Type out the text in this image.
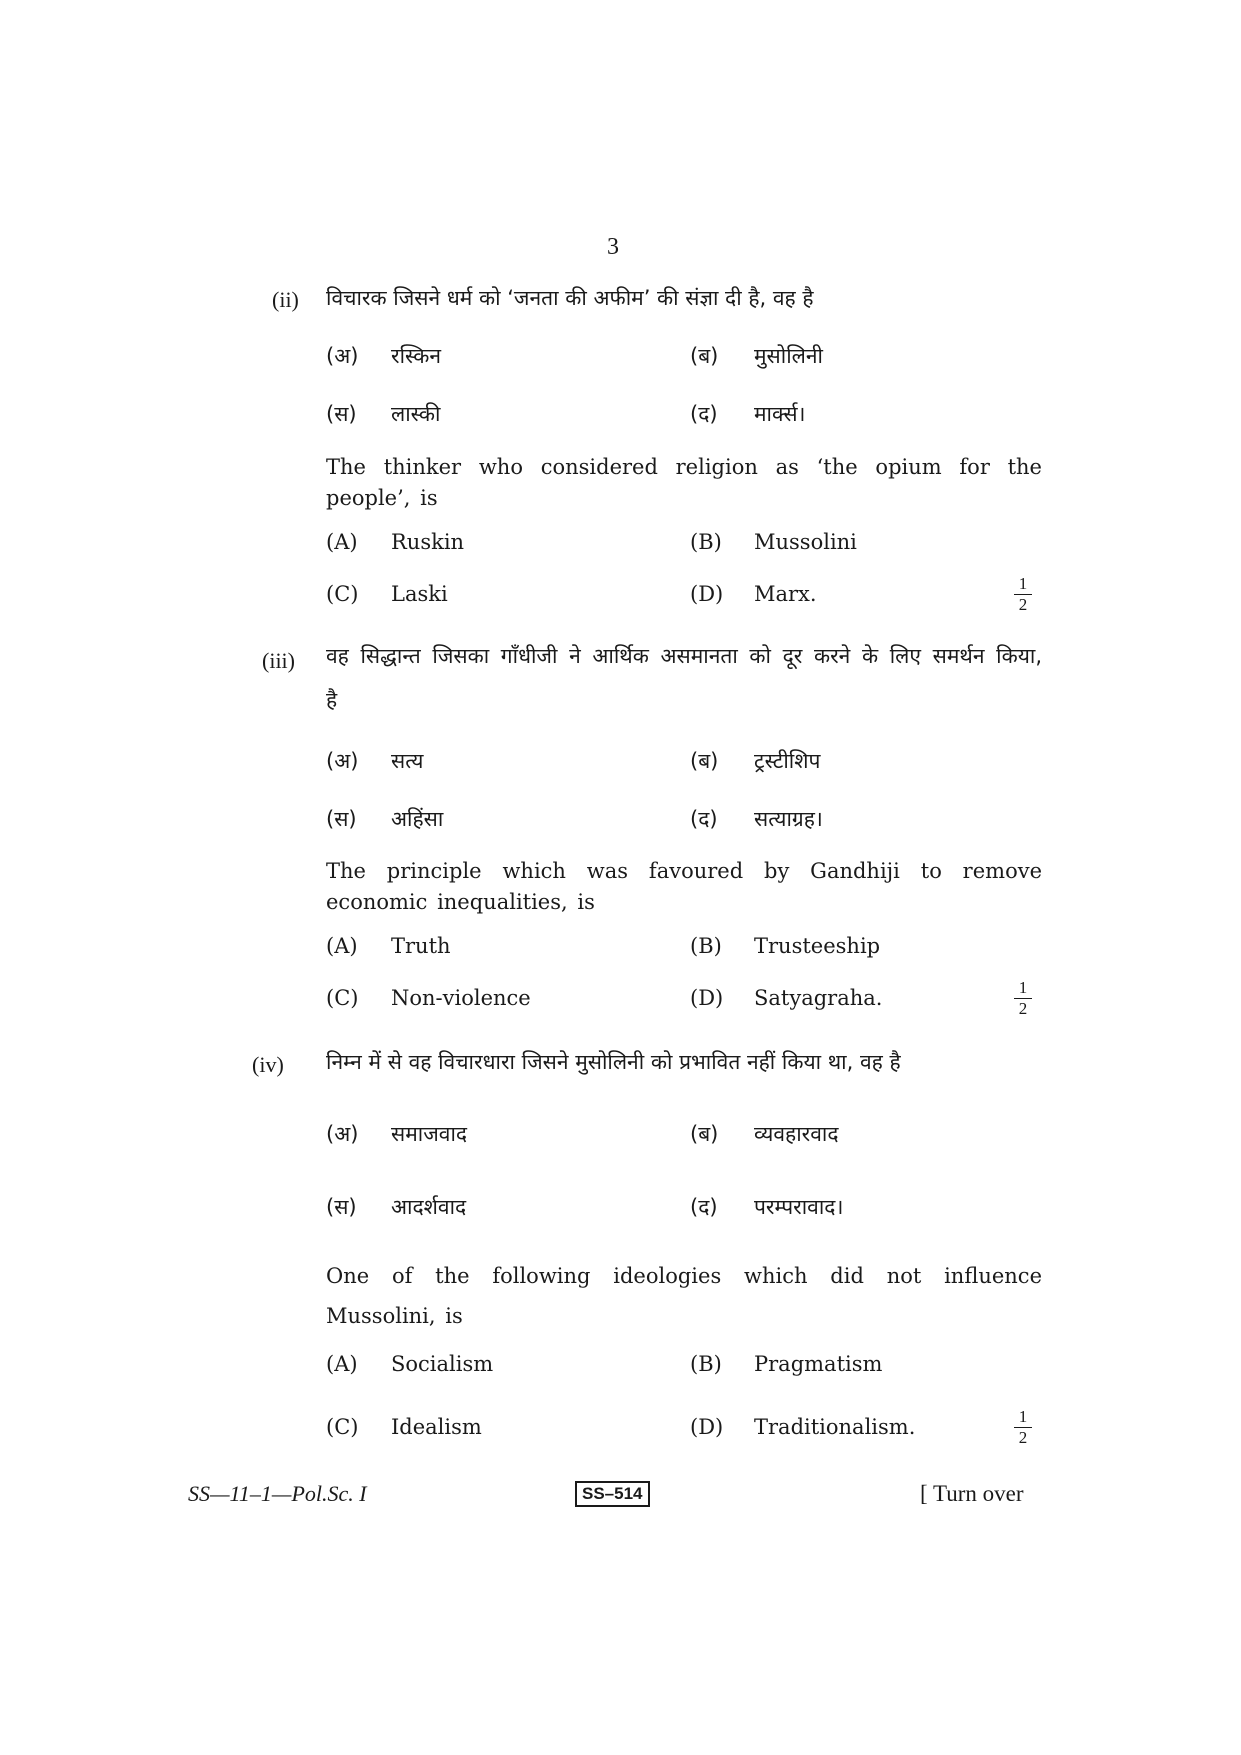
3
(ii) विचारक जिसने धर्म को ‘जनता की अफीम’ की संज्ञा दी है, वह है
(अ) रस्किन	(ब) मुसोलिनी
(स) लास्की	(द) मार्क्स।
The thinker who considered religion as ‘the opium for the people’, is
(A) Ruskin	(B) Mussolini
(C) Laski	(D) Marx.	$\frac{1}{2}$
(iii) वह सिद्धान्त जिसका गाँधीजी ने आर्थिक असमानता को दूर करने के लिए समर्थन किया, है
(अ) सत्य	(ब) ट्रस्टीशिप
(स) अहिंसा	(द) सत्याग्रह।
The principle which was favoured by Gandhiji to remove economic inequalities, is
(A) Truth	(B) Trusteeship
(C) Non-violence	(D) Satyagraha.	$\frac{1}{2}$
(iv) निम्न में से वह विचारधारा जिसने मुसोलिनी को प्रभावित नहीं किया था, वह है
(अ) समाजवाद	(ब) व्यवहारवाद
(स) आदर्शवाद	(द) परम्परावाद।
One of the following ideologies which did not influence Mussolini, is
(A) Socialism	(B) Pragmatism
(C) Idealism	(D) Traditionalism.	$\frac{1}{2}$
SS—11–1—Pol.Sc. I	SS–514	[ Turn over
